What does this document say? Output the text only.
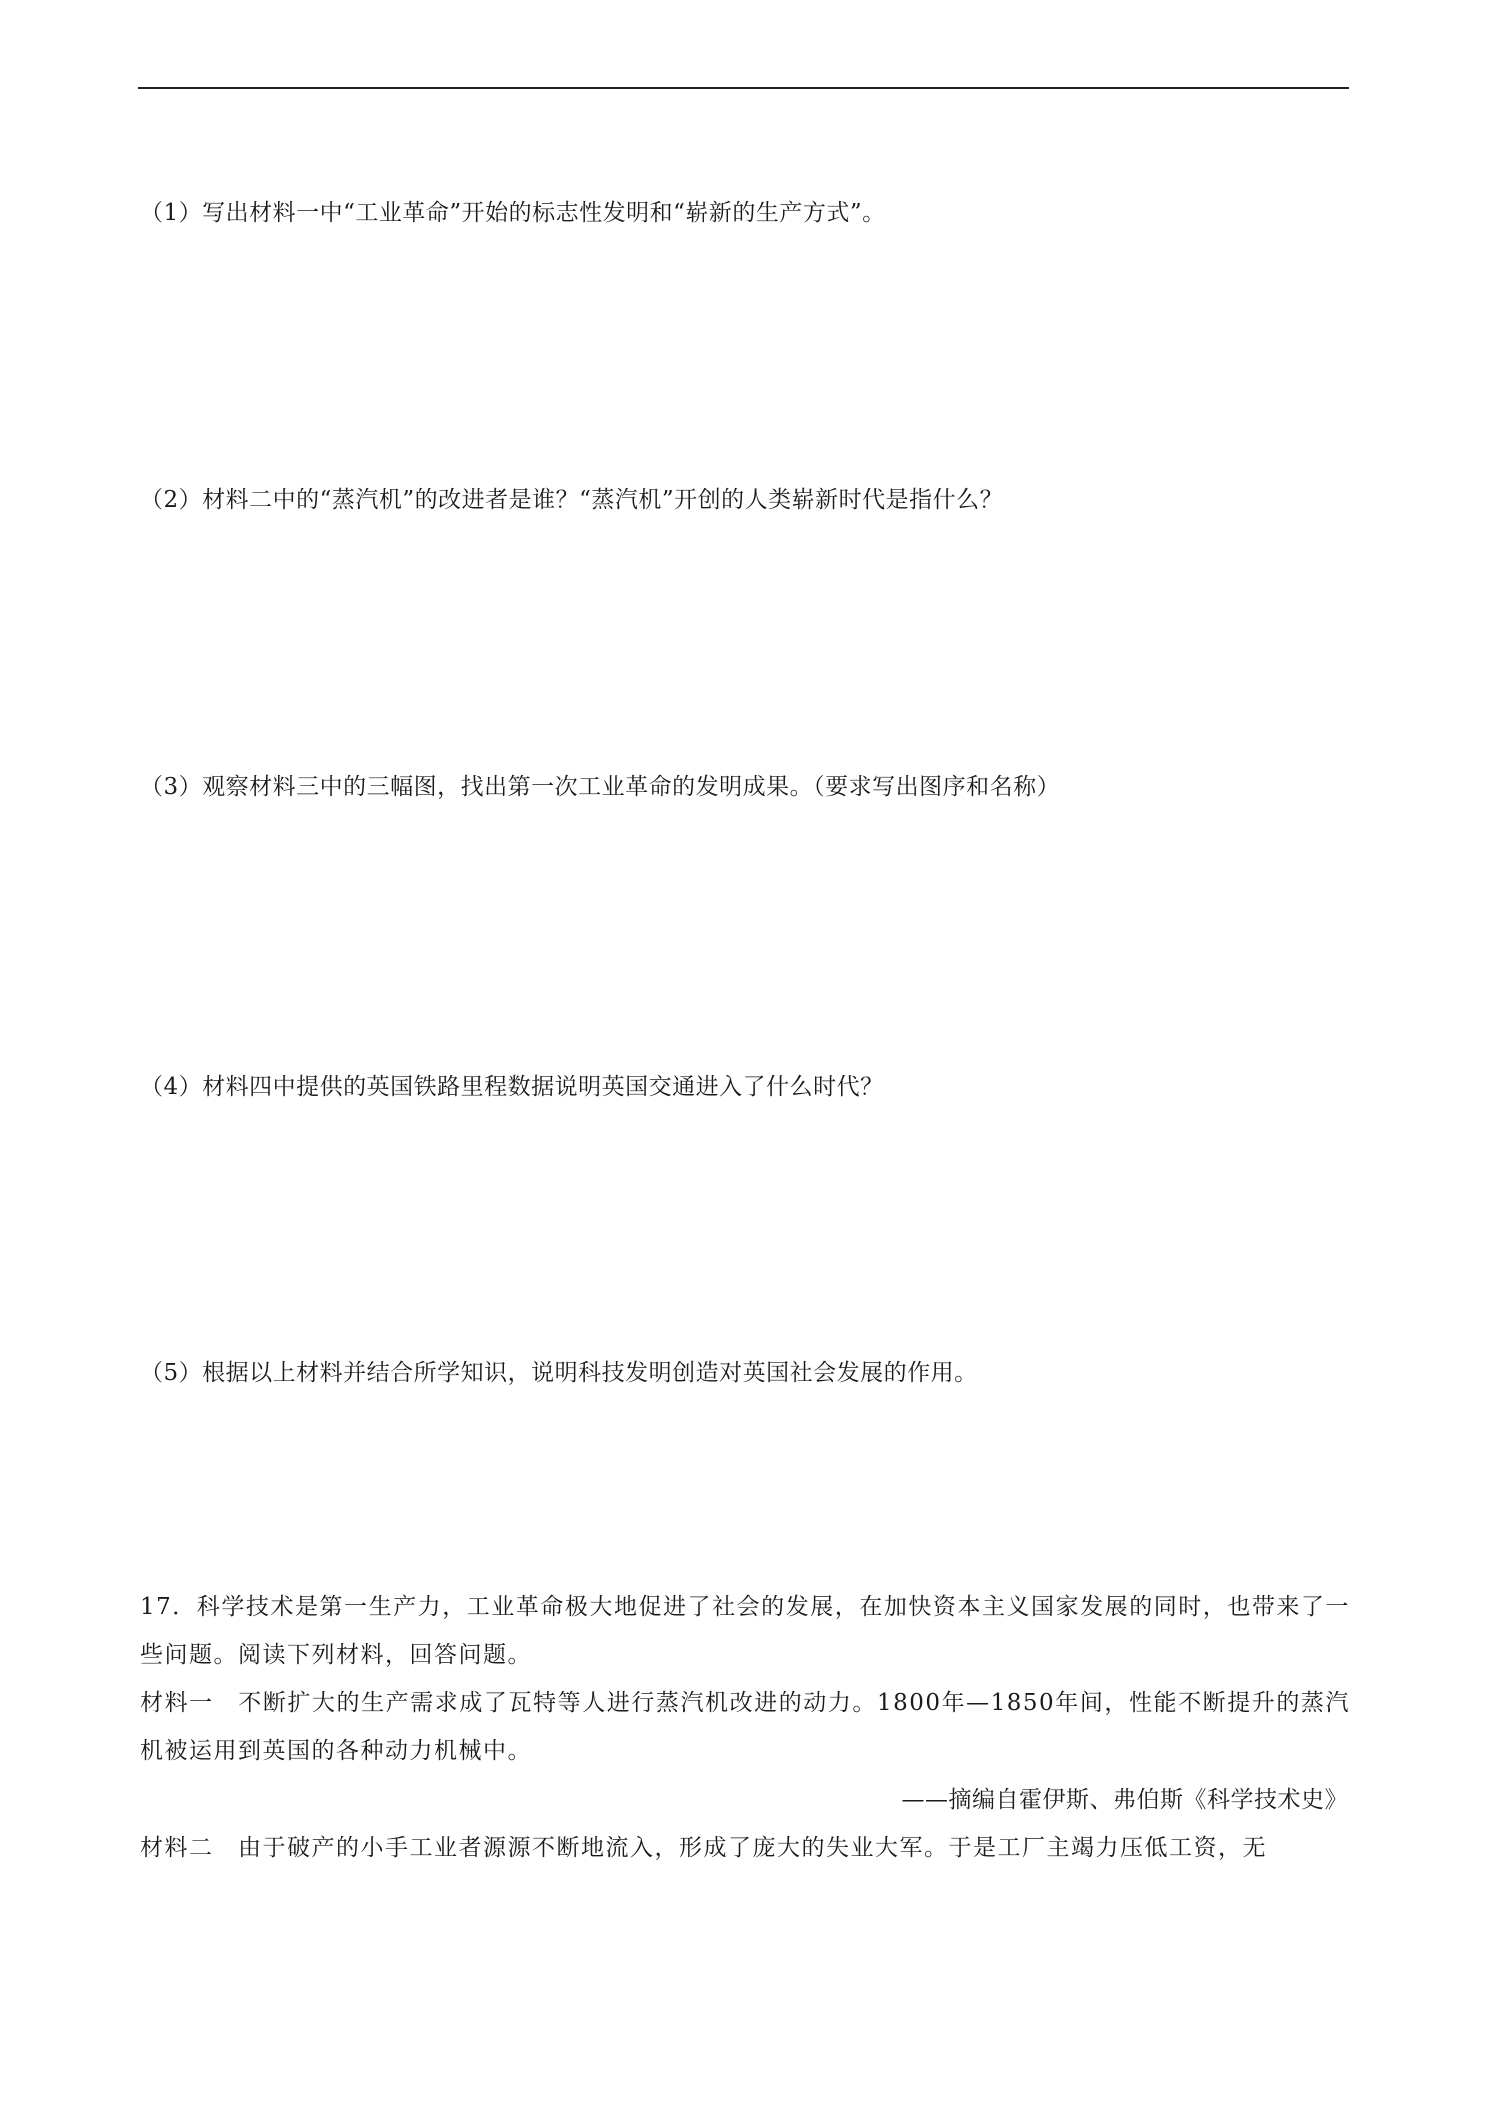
（1）写出材料一中“工业革命”开始的标志性发明和“崭新的生产方式”。
（2）材料二中的“蒸汽机”的改进者是谁？“蒸汽机”开创的人类崭新时代是指什么？
（3）观察材料三中的三幅图，找出第一次工业革命的发明成果。（要求写出图序和名称）
（4）材料四中提供的英国铁路里程数据说明英国交通进入了什么时代？
（5）根据以上材料并结合所学知识，说明科技发明创造对英国社会发展的作用。
17．科学技术是第一生产力，工业革命极大地促进了社会的发展，在加快资本主义国家发展的同时，也带来了一些问题。阅读下列材料，回答问题。
材料一　不断扩大的生产需求成了瓦特等人进行蒸汽机改进的动力。1800年—1850年间，性能不断提升的蒸汽机被运用到英国的各种动力机械中。
——摘编自霍伊斯、弗伯斯《科学技术史》
材料二　由于破产的小手工业者源源不断地流入，形成了庞大的失业大军。于是工厂主竭力压低工资，无
